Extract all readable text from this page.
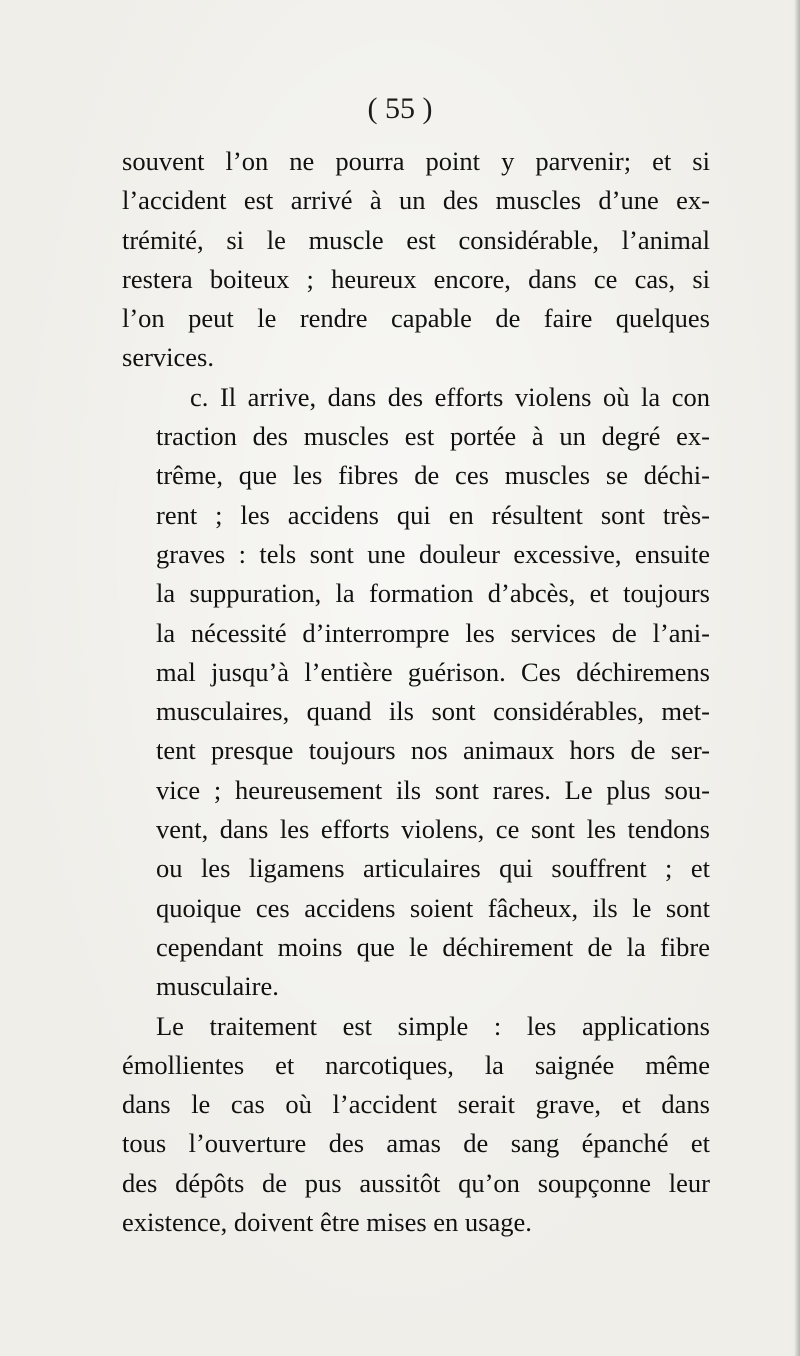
( 55 )

souvent l’on ne pourra point y parvenir; et si
l’accident est arrivé à un des muscles d’une ex-
trémité, si le muscle est considérable, l’animal
restera boiteux ; heureux encore, dans ce cas, si
l’on peut le rendre capable de faire quelques
services.

c. Il arrive, dans des efforts violens où la con
traction des muscles est portée à un degré ex-
trême, que les fibres de ces muscles se déchi-
rent ; les accidens qui en résultent sont très-
graves : tels sont une douleur excessive, ensuite
la suppuration, la formation d’abcès, et toujours
la nécessité d’interrompre les services de l’ani-
mal jusqu’à l’entière guérison. Ces déchiremens
musculaires, quand ils sont considérables, met-
tent presque toujours nos animaux hors de ser-
vice ; heureusement ils sont rares. Le plus sou-
vent, dans les efforts violens, ce sont les tendons
ou les ligamens articulaires qui souffrent ; et
quoique ces accidens soient fâcheux, ils le sont
cependant moins que le déchirement de la fibre
musculaire.

Le traitement est simple : les applications
émollientes et narcotiques, la saignée même
dans le cas où l’accident serait grave, et dans
tous l’ouverture des amas de sang épanché et
des dépôts de pus aussitôt qu’on soupçonne leur
existence, doivent être mises en usage.
